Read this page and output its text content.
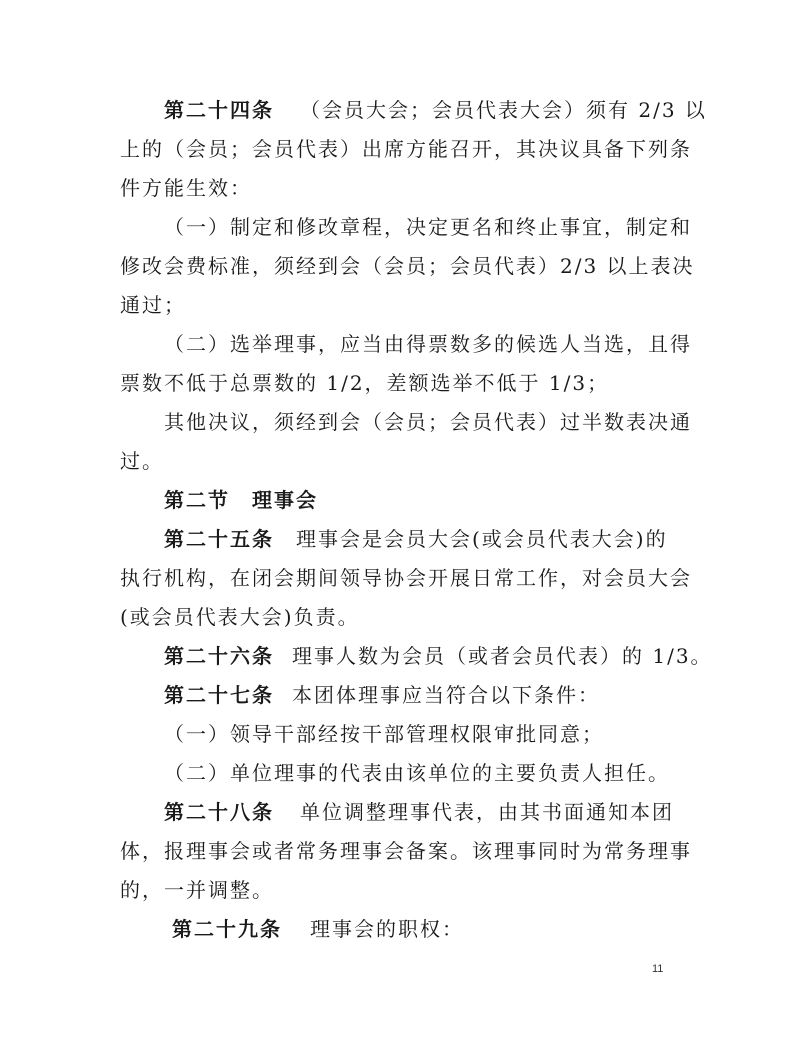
第二十四条 （会员大会；会员代表大会）须有 2/3 以
上的（会员；会员代表）出席方能召开，其决议具备下列条
件方能生效：
（一）制定和修改章程，决定更名和终止事宜，制定和
修改会费标准，须经到会（会员；会员代表）2/3 以上表决
通过；
（二）选举理事，应当由得票数多的候选人当选，且得
票数不低于总票数的 1/2，差额选举不低于 1/3；
其他决议，须经到会（会员；会员代表）过半数表决通
过。
第二节 理事会
第二十五条 理事会是会员大会(或会员代表大会)的
执行机构，在闭会期间领导协会开展日常工作，对会员大会
(或会员代表大会)负责。
第二十六条 理事人数为会员（或者会员代表）的 1/3。
第二十七条 本团体理事应当符合以下条件：
（一）领导干部经按干部管理权限审批同意；
（二）单位理事的代表由该单位的主要负责人担任。
第二十八条 单位调整理事代表，由其书面通知本团
体，报理事会或者常务理事会备案。该理事同时为常务理事
的，一并调整。
第二十九条 理事会的职权：
11
